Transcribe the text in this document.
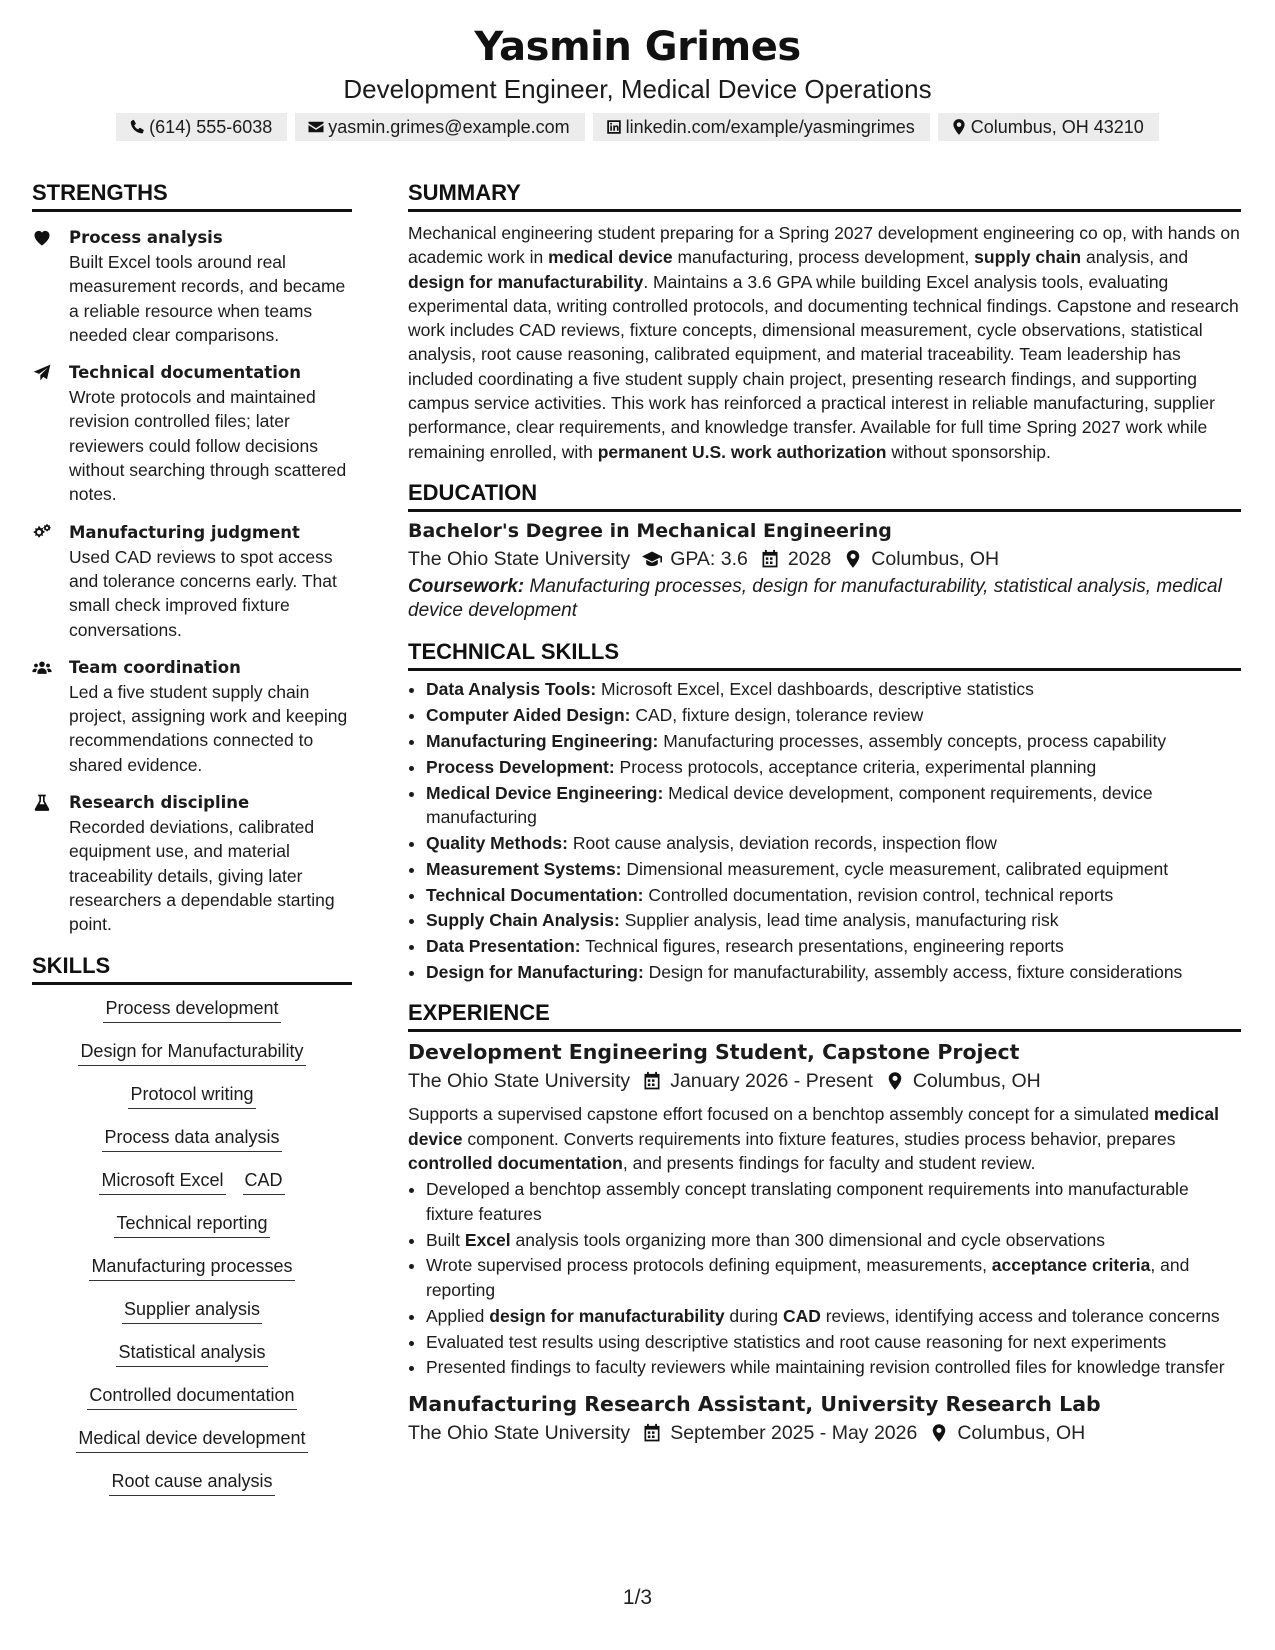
Yasmin Grimes
Development Engineer, Medical Device Operations
(614) 555-6038	yasmin.grimes@example.com	linkedin.com/example/yasmingrimes	Columbus, OH 43210
STRENGTHS
Process analysis
Built Excel tools around real measurement records, and became a reliable resource when teams needed clear comparisons.
Technical documentation
Wrote protocols and maintained revision controlled files; later reviewers could follow decisions without searching through scattered notes.
Manufacturing judgment
Used CAD reviews to spot access and tolerance concerns early. That small check improved fixture conversations.
Team coordination
Led a five student supply chain project, assigning work and keeping recommendations connected to shared evidence.
Research discipline
Recorded deviations, calibrated equipment use, and material traceability details, giving later researchers a dependable starting point.
SKILLS
Process development
Design for Manufacturability
Protocol writing
Process data analysis
Microsoft Excel CAD
Technical reporting
Manufacturing processes
Supplier analysis
Statistical analysis
Controlled documentation
Medical device development
Root cause analysis
SUMMARY

Mechanical engineering student preparing for a Spring 2027 development engineering co op, with hands on academic work in medical device manufacturing, process development, supply chain analysis, and design for manufacturability. Maintains a 3.6 GPA while building Excel analysis tools, evaluating experimental data, writing controlled protocols, and documenting technical findings. Capstone and research work includes CAD reviews, fixture concepts, dimensional measurement, cycle observations, statistical analysis, root cause reasoning, calibrated equipment, and material traceability. Team leadership has included coordinating a five student supply chain project, presenting research findings, and supporting campus service activities. This work has reinforced a practical interest in reliable manufacturing, supplier performance, clear requirements, and knowledge transfer. Available for full time Spring 2027 work while remaining enrolled, with permanent U.S. work authorization without sponsorship.

EDUCATION
Bachelor's Degree in Mechanical Engineering
The Ohio State University GPA: 3.6 2028 Columbus, OH
Coursework: Manufacturing processes, design for manufacturability, statistical analysis, medical device development
TECHNICAL SKILLS
• Data Analysis Tools: Microsoft Excel, Excel dashboards, descriptive statistics
• Computer Aided Design: CAD, fixture design, tolerance review
• Manufacturing Engineering: Manufacturing processes, assembly concepts, process capability
• Process Development: Process protocols, acceptance criteria, experimental planning
• Medical Device Engineering: Medical device development, component requirements, device manufacturing
• Quality Methods: Root cause analysis, deviation records, inspection flow
• Measurement Systems: Dimensional measurement, cycle measurement, calibrated equipment
• Technical Documentation: Controlled documentation, revision control, technical reports
• Supply Chain Analysis: Supplier analysis, lead time analysis, manufacturing risk
• Data Presentation: Technical figures, research presentations, engineering reports
• Design for Manufacturing: Design for manufacturability, assembly access, fixture considerations
EXPERIENCE
Development Engineering Student, Capstone Project
The Ohio State University January 2026 - Present Columbus, OH

Supports a supervised capstone effort focused on a benchtop assembly concept for a simulated medical device component. Converts requirements into fixture features, studies process behavior, prepares controlled documentation, and presents findings for faculty and student review.

• Developed a benchtop assembly concept translating component requirements into manufacturable fixture features
• Built Excel analysis tools organizing more than 300 dimensional and cycle observations
• Wrote supervised process protocols defining equipment, measurements, acceptance criteria, and reporting
• Applied design for manufacturability during CAD reviews, identifying access and tolerance concerns
• Evaluated test results using descriptive statistics and root cause reasoning for next experiments
• Presented findings to faculty reviewers while maintaining revision controlled files for knowledge transfer
Manufacturing Research Assistant, University Research Lab
The Ohio State University September 2025 - May 2026 Columbus, OH
1/3
